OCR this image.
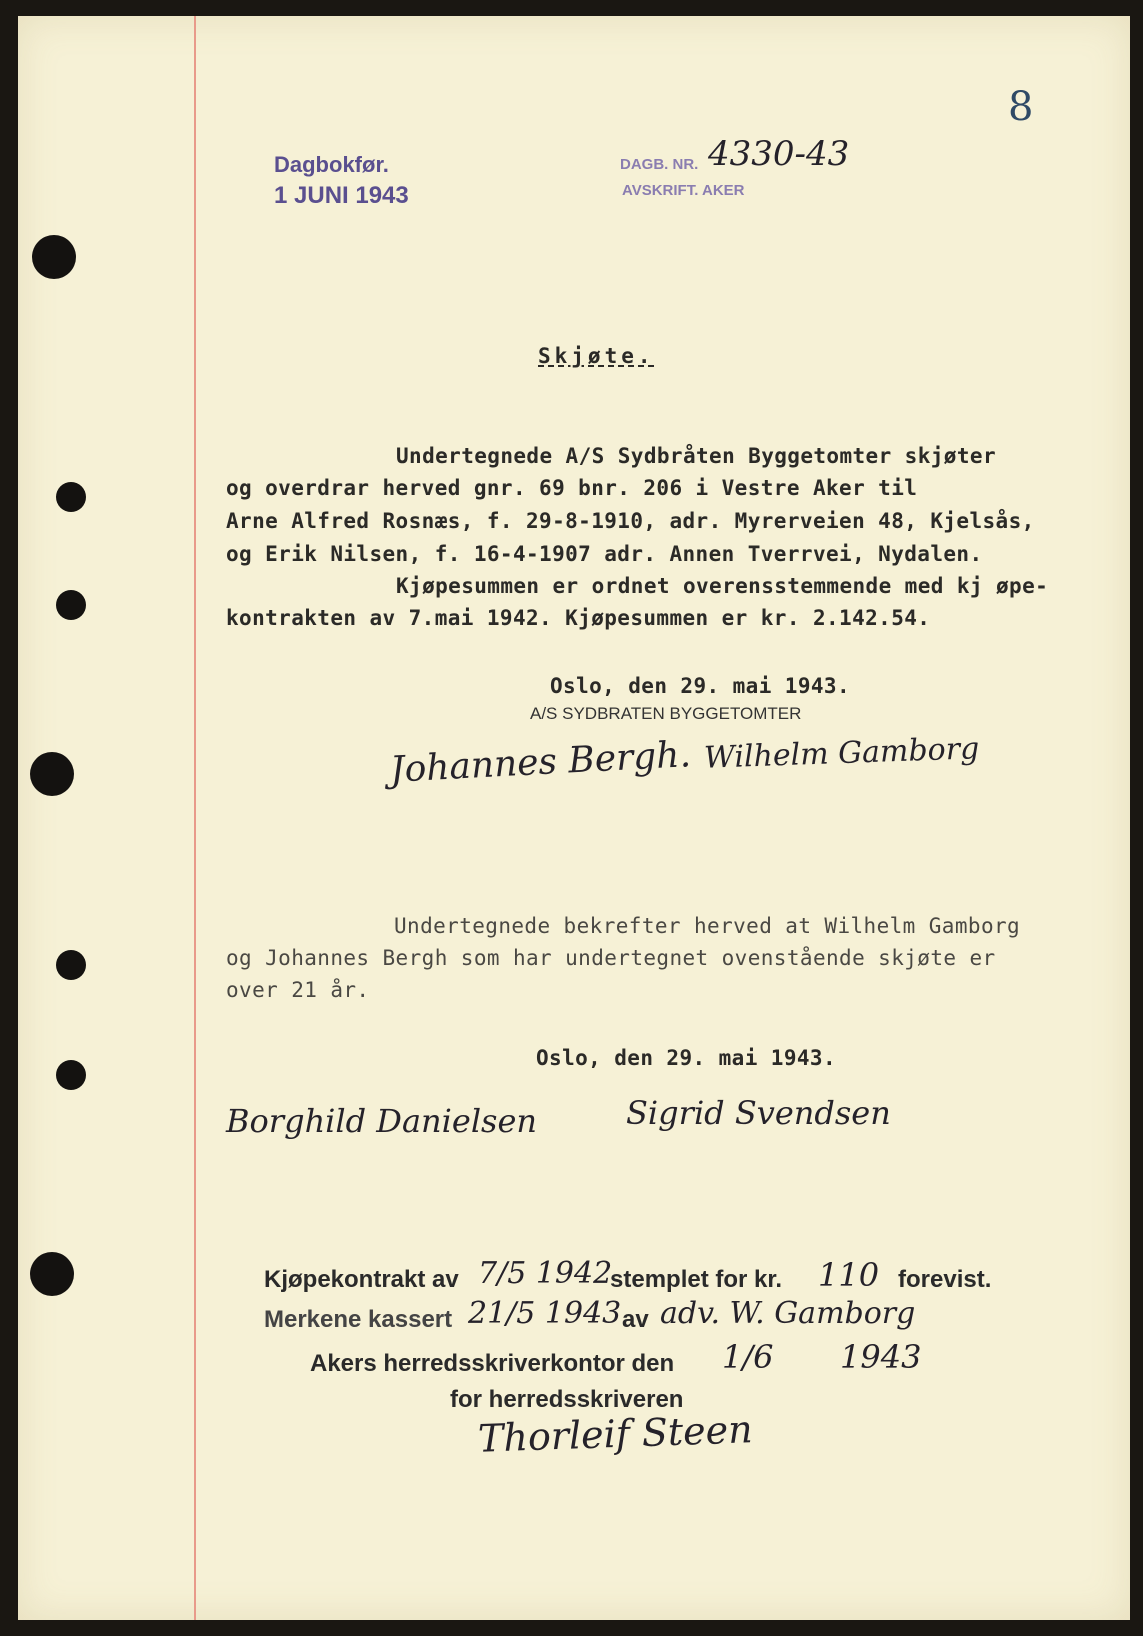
8
Dagbokfør.
1 JUNI 1943
DAGB. NR. 4330-43
AVSKRIFT. AKER
Skjøte.
Undertegnede A/S Sydbråten Byggetomter skjøter
og overdrar herved gnr. 69 bnr. 206 i Vestre Aker til
Arne Alfred Rosnæs, f. 29-8-1910, adr. Myrerveien 48, Kjelsås,
og Erik Nilsen, f. 16-4-1907 adr. Annen Tverrvei, Nydalen.
Kjøpesummen er ordnet overensstemmende med kj øpe-
kontrakten av 7.mai 1942. Kjøpesummen er kr. 2.142.54.
Oslo, den 29. mai 1943.
A/S SYDBRATEN BYGGETOMTER
Johannes Bergh. Wilhelm Gamborg
Undertegnede bekrefter herved at Wilhelm Gamborg
og Johannes Bergh som har undertegnet ovenstående skjøte er
over 21 år.
Oslo, den 29. mai 1943.
Borghild Danielsen	Sigrid Svendsen
Kjøpekontrakt av 7/5 1942
stemplet for kr. 110 forevist.
Merkene kassert 21/5 1943 av adv. W. Gamborg
Akers herredsskriverkontor den 1/6 1943
for herredsskriveren
Thorleif Steen
